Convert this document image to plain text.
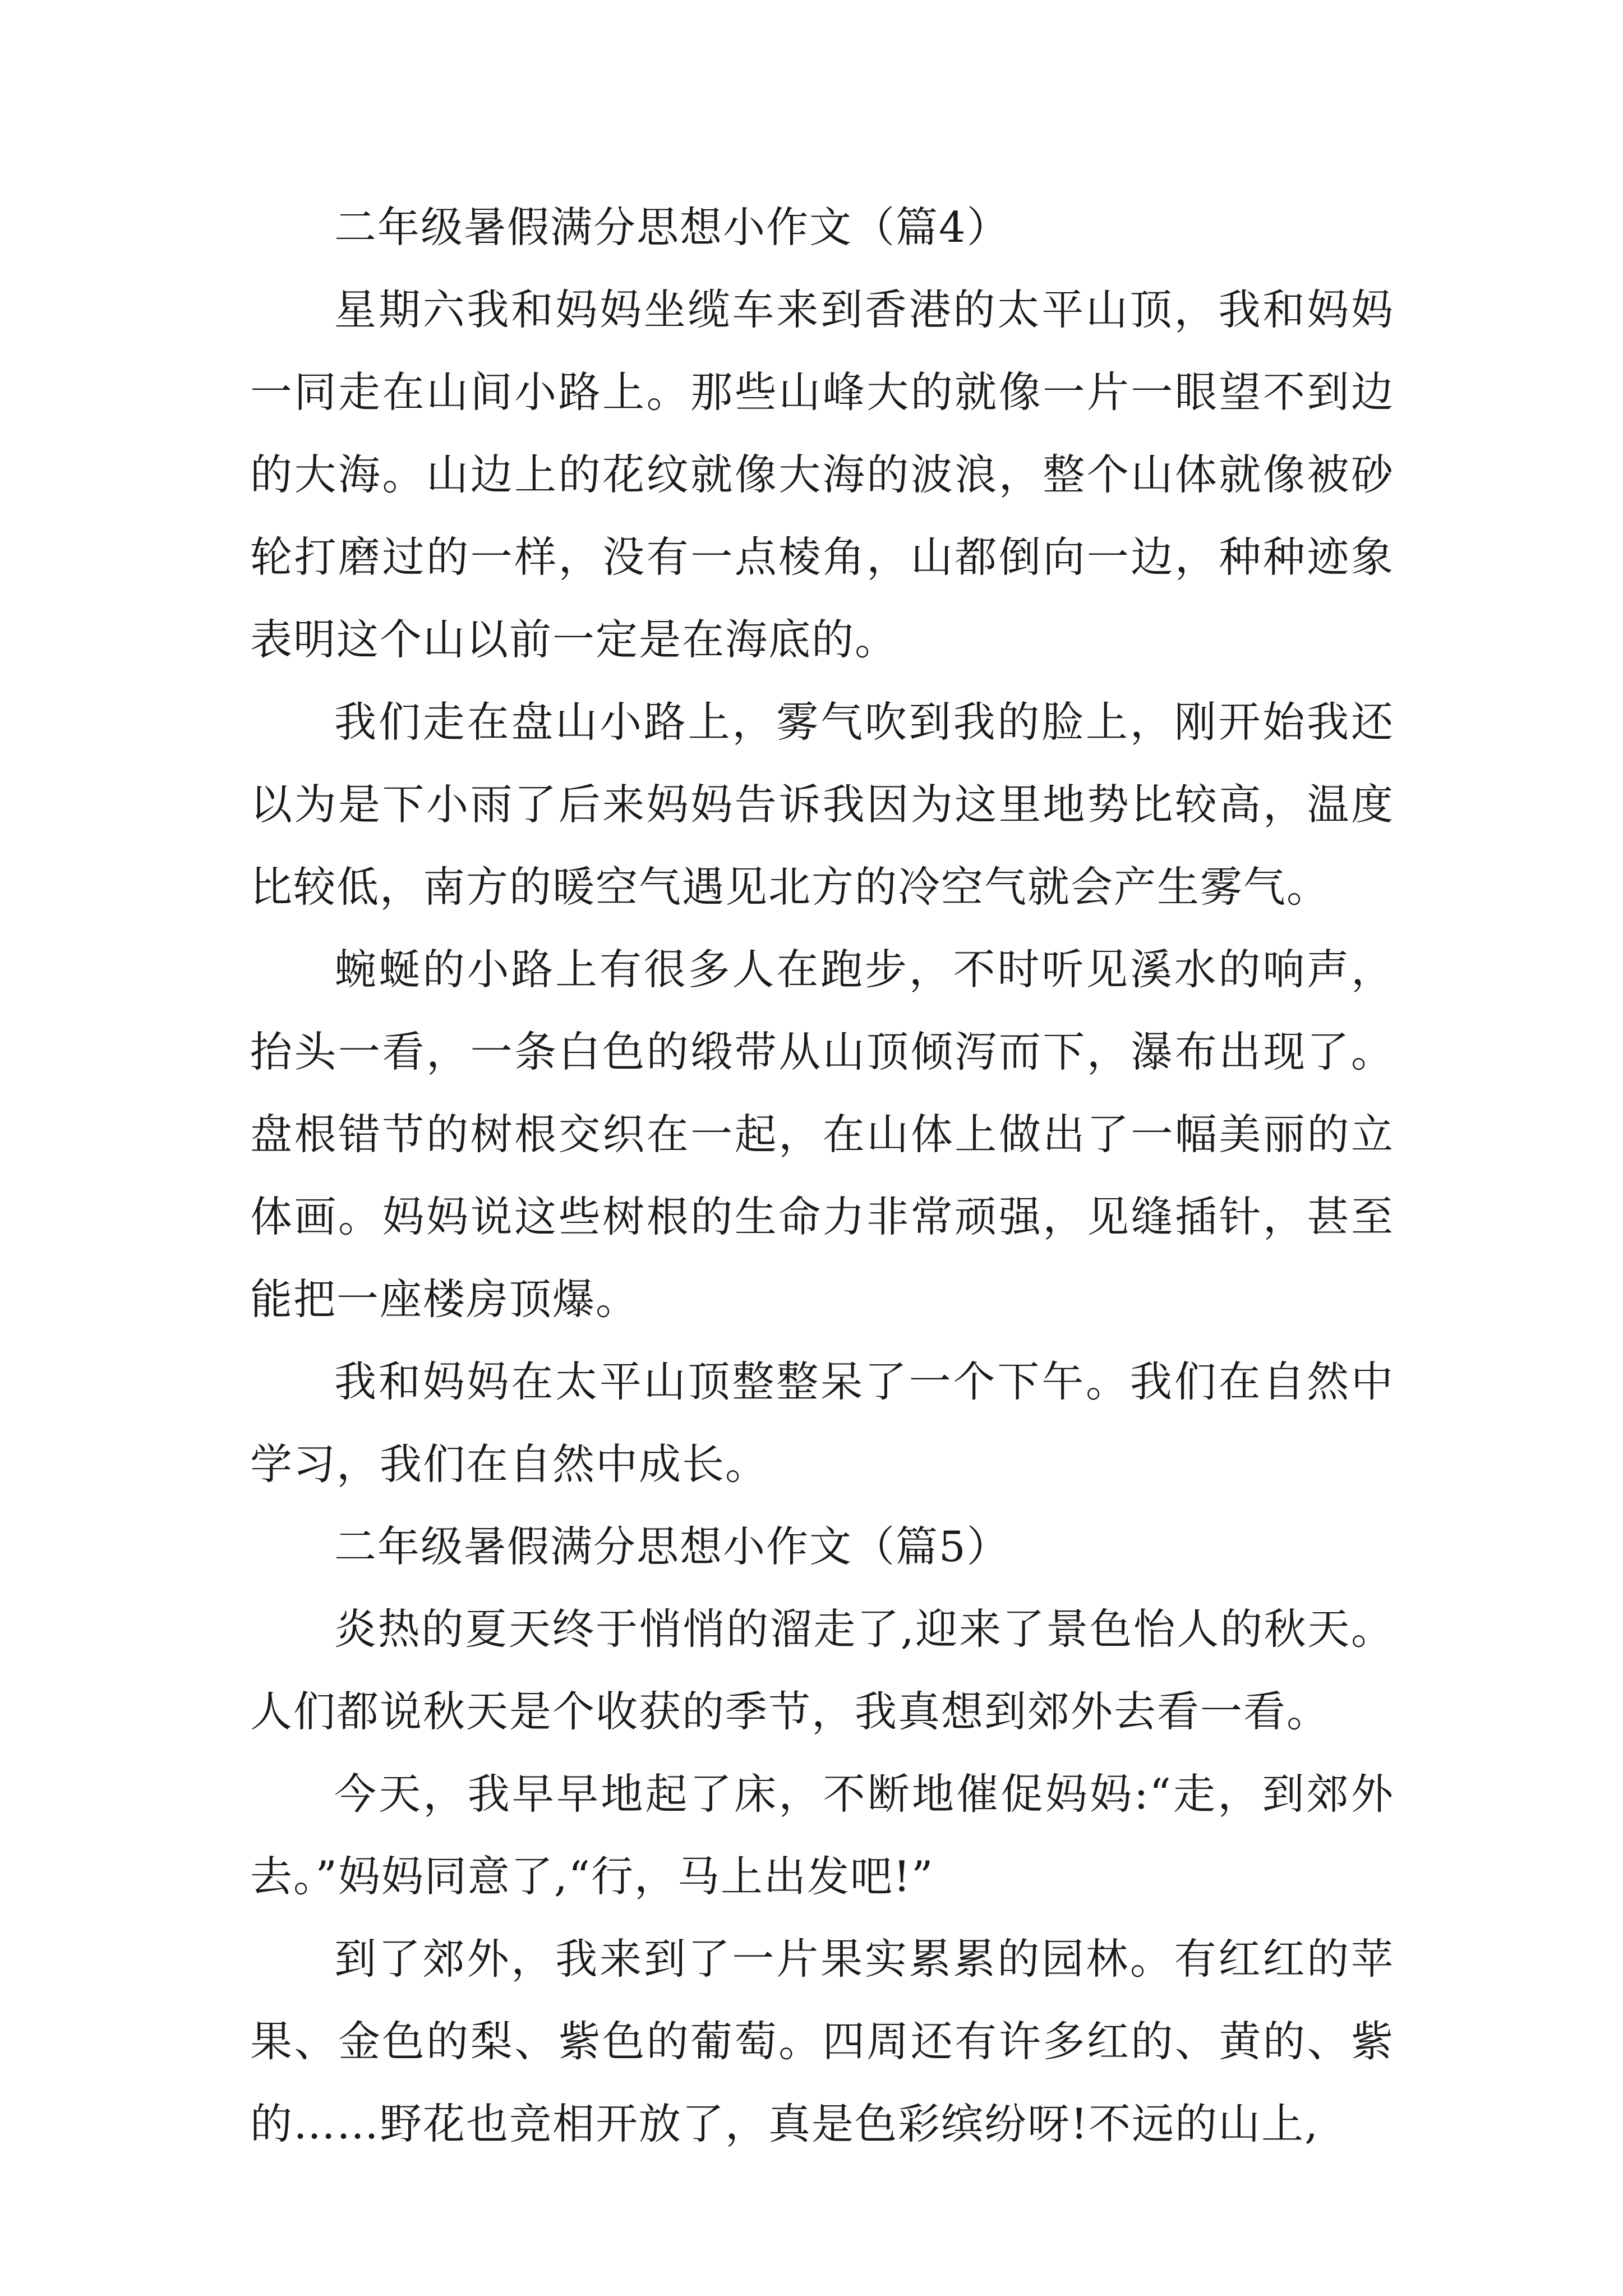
二年级暑假满分思想小作文（篇4）

星期六我和妈妈坐缆车来到香港的太平山顶，我和妈妈一同走在山间小路上。那些山峰大的就像一片一眼望不到边的大海。山边上的花纹就像大海的波浪，整个山体就像被砂轮打磨过的一样，没有一点棱角，山都倒向一边，种种迹象表明这个山以前一定是在海底的。

我们走在盘山小路上，雾气吹到我的脸上，刚开始我还以为是下小雨了后来妈妈告诉我因为这里地势比较高，温度比较低，南方的暖空气遇见北方的冷空气就会产生雾气。

蜿蜒的小路上有很多人在跑步，不时听见溪水的响声，抬头一看，一条白色的缎带从山顶倾泻而下，瀑布出现了。盘根错节的树根交织在一起，在山体上做出了一幅美丽的立体画。妈妈说这些树根的生命力非常顽强，见缝插针，甚至能把一座楼房顶爆。

我和妈妈在太平山顶整整呆了一个下午。我们在自然中学习，我们在自然中成长。

二年级暑假满分思想小作文（篇5）

炎热的夏天终于悄悄的溜走了,迎来了景色怡人的秋天。人们都说秋天是个收获的季节，我真想到郊外去看一看。

今天，我早早地起了床，不断地催促妈妈:“走，到郊外去。”妈妈同意了,“行，马上出发吧!”

到了郊外，我来到了一片果实累累的园林。有红红的苹果、金色的梨、紫色的葡萄。四周还有许多红的、黄的、紫的……野花也竞相开放了，真是色彩缤纷呀!不远的山上,
